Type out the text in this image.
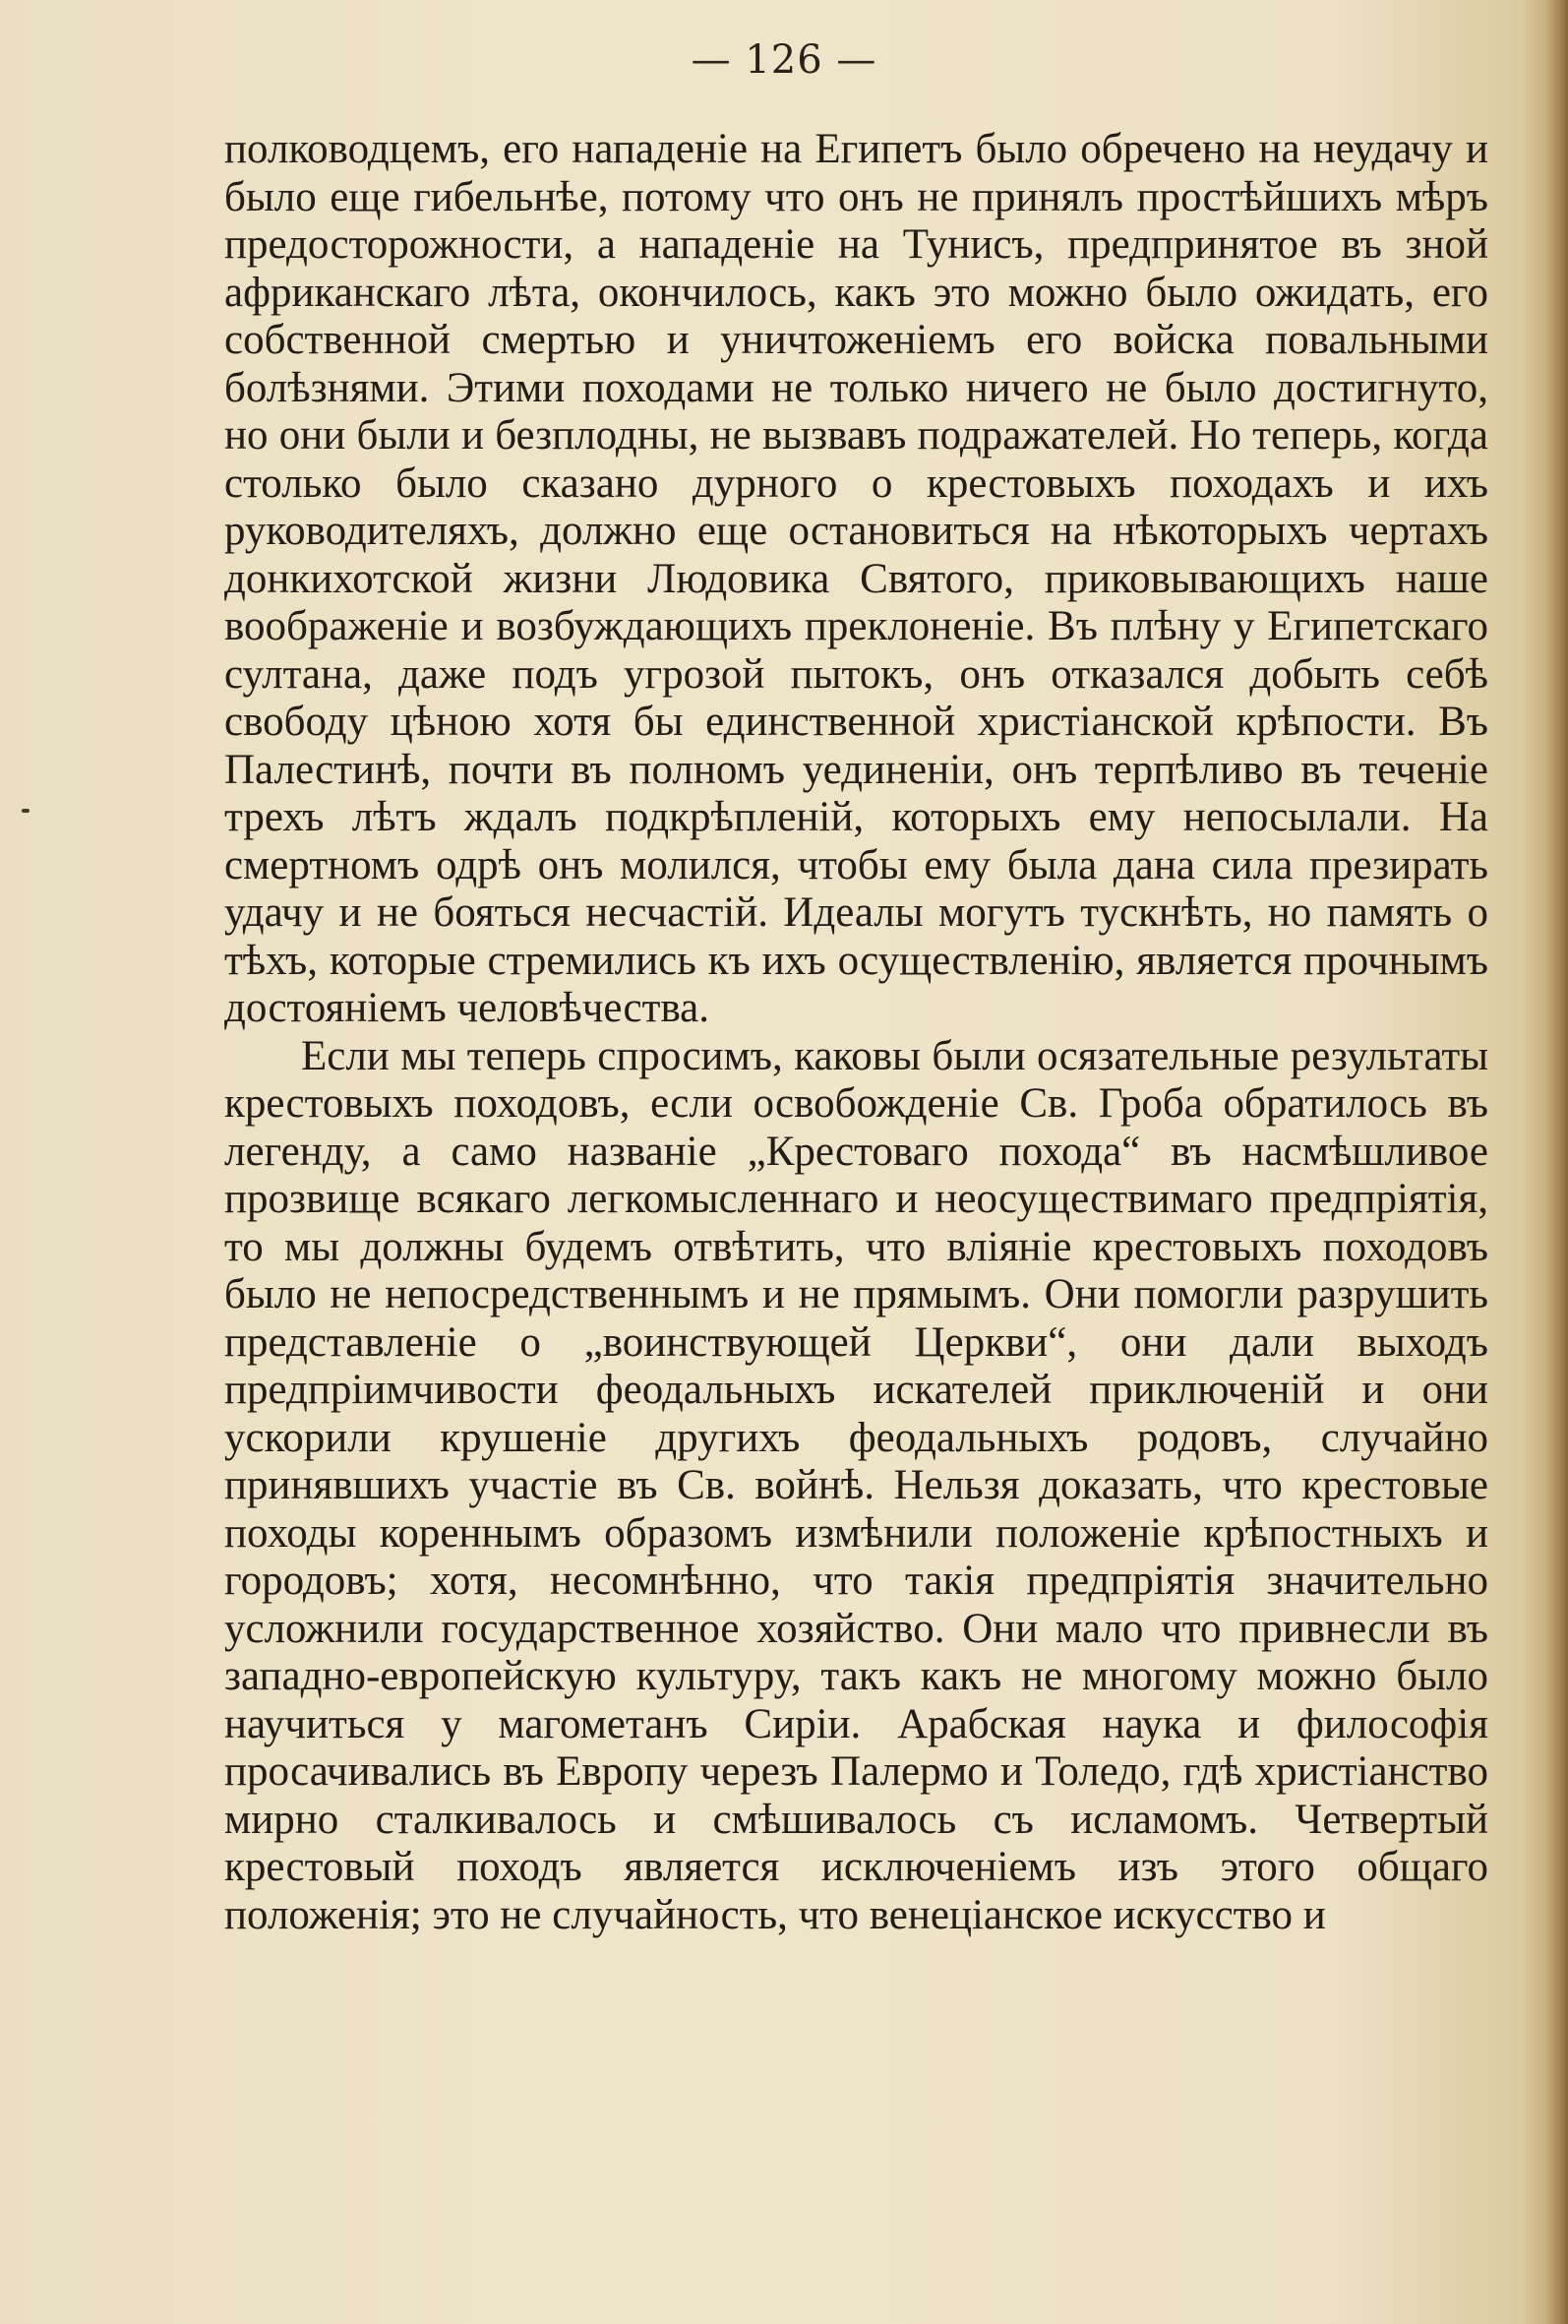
— 126 —

полководцемъ, его нападеніе на Египетъ было обречено на неудачу и было еще гибельнѣе, потому что онъ не принялъ простѣйшихъ мѣръ предосторожности, а нападеніе на Тунисъ, предпринятое въ зной африканскаго лѣта, окончилось, какъ это можно было ожидать, его собственной смертью и уничтоженіемъ его войска повальными болѣзнями. Этими походами не только ничего не было достигнуто, но они были и безплодны, не вызвавъ подражателей. Но теперь, когда столько было сказано дурного о крестовыхъ походахъ и ихъ руководителяхъ, должно еще остановиться на нѣкоторыхъ чертахъ донкихотской жизни Людовика Святого, приковывающихъ наше воображеніе и возбуждающихъ преклоненіе. Въ плѣну у Египетскаго султана, даже подъ угрозой пытокъ, онъ отказался добыть себѣ свободу цѣною хотя бы единственной христіанской крѣпости. Въ Палестинѣ, почти въ полномъ уединеніи, онъ терпѣливо въ теченіе трехъ лѣтъ ждалъ подкрѣпленій, которыхъ ему непосылали. На смертномъ одрѣ онъ молился, чтобы ему была дана сила презирать удачу и не бояться несчастій. Идеалы могутъ тускнѣть, но память о тѣхъ, которые стремились къ ихъ осуществленію, является прочнымъ достояніемъ человѣчества.

Если мы теперь спросимъ, каковы были осязательные результаты крестовыхъ походовъ, если освобожденіе Св. Гроба обратилось въ легенду, а само названіе „Крестоваго похода“ въ насмѣшливое прозвище всякаго легкомысленнаго и неосуществимаго предпріятія, то мы должны будемъ отвѣтить, что вліяніе крестовыхъ походовъ было не непосредственнымъ и не прямымъ. Они помогли разрушить представленіе о „воинствующей Церкви“, они дали выходъ предпріимчивости феодальныхъ искателей приключеній и они ускорили крушеніе другихъ феодальныхъ родовъ, случайно принявшихъ участіе въ Св. войнѣ. Нельзя доказать, что крестовые походы кореннымъ образомъ измѣнили положеніе крѣпостныхъ и городовъ; хотя, несомнѣнно, что такія предпріятія значительно усложнили государственное хозяйство. Они мало что привнесли въ западно-европейскую культуру, такъ какъ не многому можно было научиться у магометанъ Сиріи. Арабская наука и философія просачивались въ Европу черезъ Палермо и Толедо, гдѣ христіанство мирно сталкивалось и смѣшивалось съ исламомъ. Четвертый крестовый походъ является исключеніемъ изъ этого общаго положенія; это не случайность, что венеціанское искусство и
